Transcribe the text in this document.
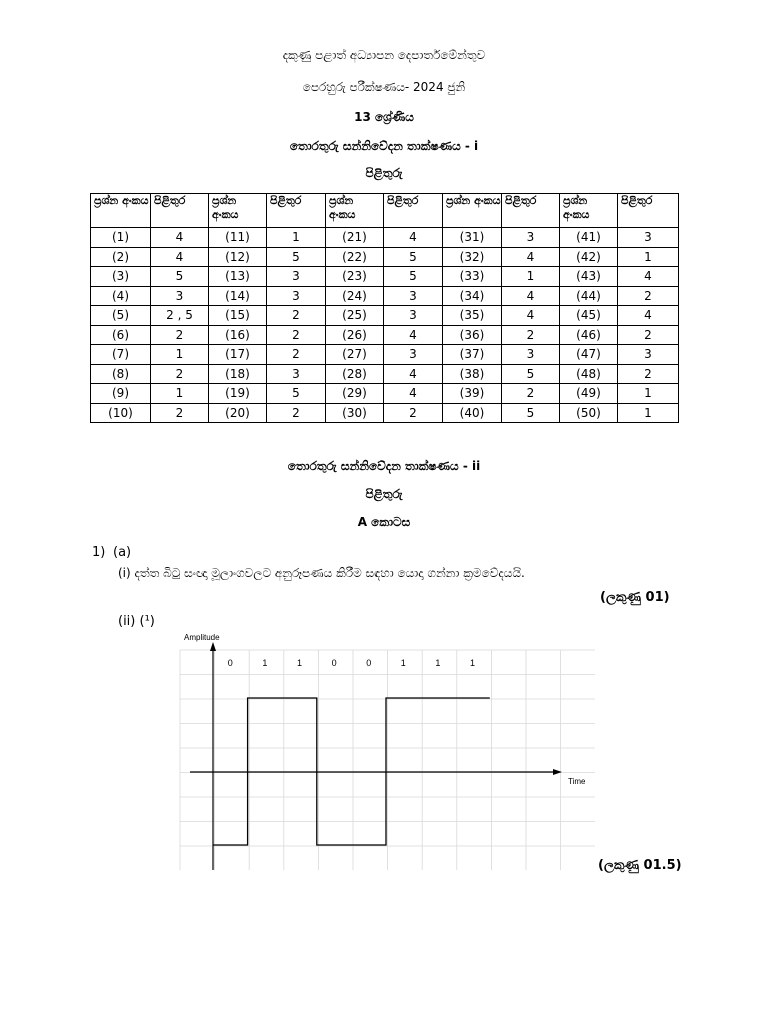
දකුණු පළාත් අධ්‍යාපන දෙපාර්තමේන්තුව
පෙරහුරු පරීක්ෂණය- 2024 ජුනි
13 ශ්‍රේණිය
තොරතුරු සන්නිවේදන තාක්ෂණය - i
පිළිතුරු
ප්‍රශ්න අංකය	පිළිතුර	ප්‍රශ්න අංකය	පිළිතුර	ප්‍රශ්න අංකය	පිළිතුර	ප්‍රශ්න අංකය	පිළිතුර	ප්‍රශ්න අංකය	පිළිතුර
(1)	4	(11)	1	(21)	4	(31)	3	(41)	3
(2)	4	(12)	5	(22)	5	(32)	4	(42)	1
(3)	5	(13)	3	(23)	5	(33)	1	(43)	4
(4)	3	(14)	3	(24)	3	(34)	4	(44)	2
(5)	2 , 5	(15)	2	(25)	3	(35)	4	(45)	4
(6)	2	(16)	2	(26)	4	(36)	2	(46)	2
(7)	1	(17)	2	(27)	3	(37)	3	(47)	3
(8)	2	(18)	3	(28)	4	(38)	5	(48)	2
(9)	1	(19)	5	(29)	4	(39)	2	(49)	1
(10)	2	(20)	2	(30)	2	(40)	5	(50)	1
තොරතුරු සන්නිවේදන තාක්ෂණය - ii
පිළිතුරු
A කොටස
1) (a)
(i) දත්ත බිටු සංඥා මූලාංගවලට අනුරූපණය කිරීම සඳහා යොදා ගන්නා ක්‍රමවේදයයි.
(ලකුණු 01)
(ii) (¹)
Amplitude
Time
0	1	1	0	0	1	1	1
(ලකුණු 01.5)
